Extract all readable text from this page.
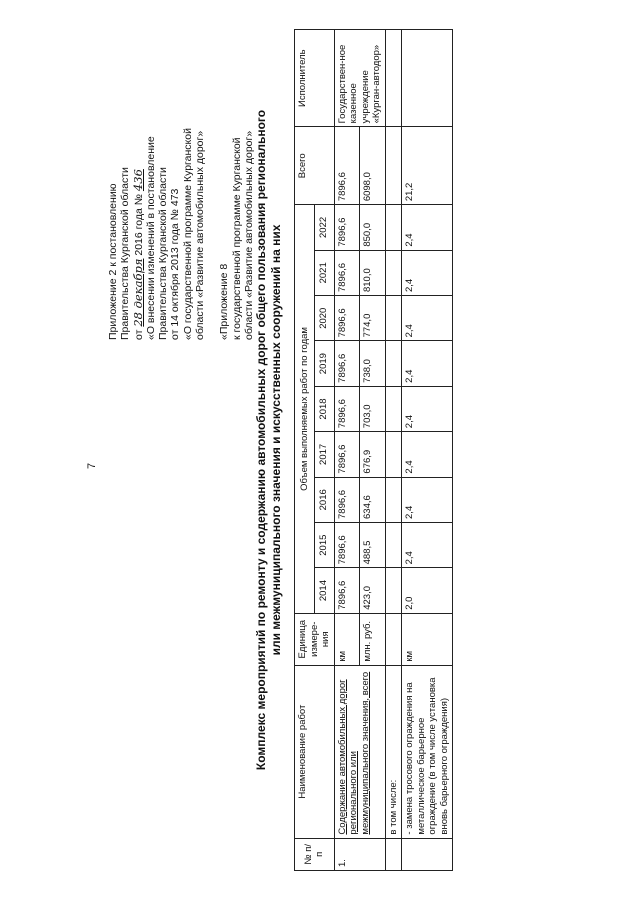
7
Приложение 2 к постановлению Правительства Курганской области от 28 декабря 2016 года № 436 «О внесении изменений в постановление Правительства Курганской области от 14 октября 2013 года № 473 «О государственной программе Курганской области «Развитие автомобильных дорог» «Приложение 8 к государственной программе Курганской области «Развитие автомобильных дорог» Комплекс мероприятий по ремонту и содержанию автомобильных дорог общего пользования регионального или межмуниципального значения и искусственных сооружений на них
№ п/п	Наименование работ	Единица измере-ния	Объем выполняемых работ по годам									Всего	Исполнитель
			2014	2015	2016	2017	2018	2019	2020	2021	2022		
1.	Содержание автомобильных дорог регионального или межмуниципального значения, всего	км	7896,6	7896,6	7896,6	7896,6	7896,6	7896,6	7896,6	7896,6	7896,6	7896,6	Государствен-ное казенное учреждение «Курган-автодор»
		млн. руб.	423,0	488,5	634,6	676,9	703,0	738,0	774,0	810,0	850,0	6098,0	
	в том числе:												
	- замена тросового ограждения на металлическое барьерное ограждение (в том числе установка вновь барьерного ограждения)	км	2,0	2,4	2,4	2,4	2,4	2,4	2,4	2,4	2,4	21,2	
